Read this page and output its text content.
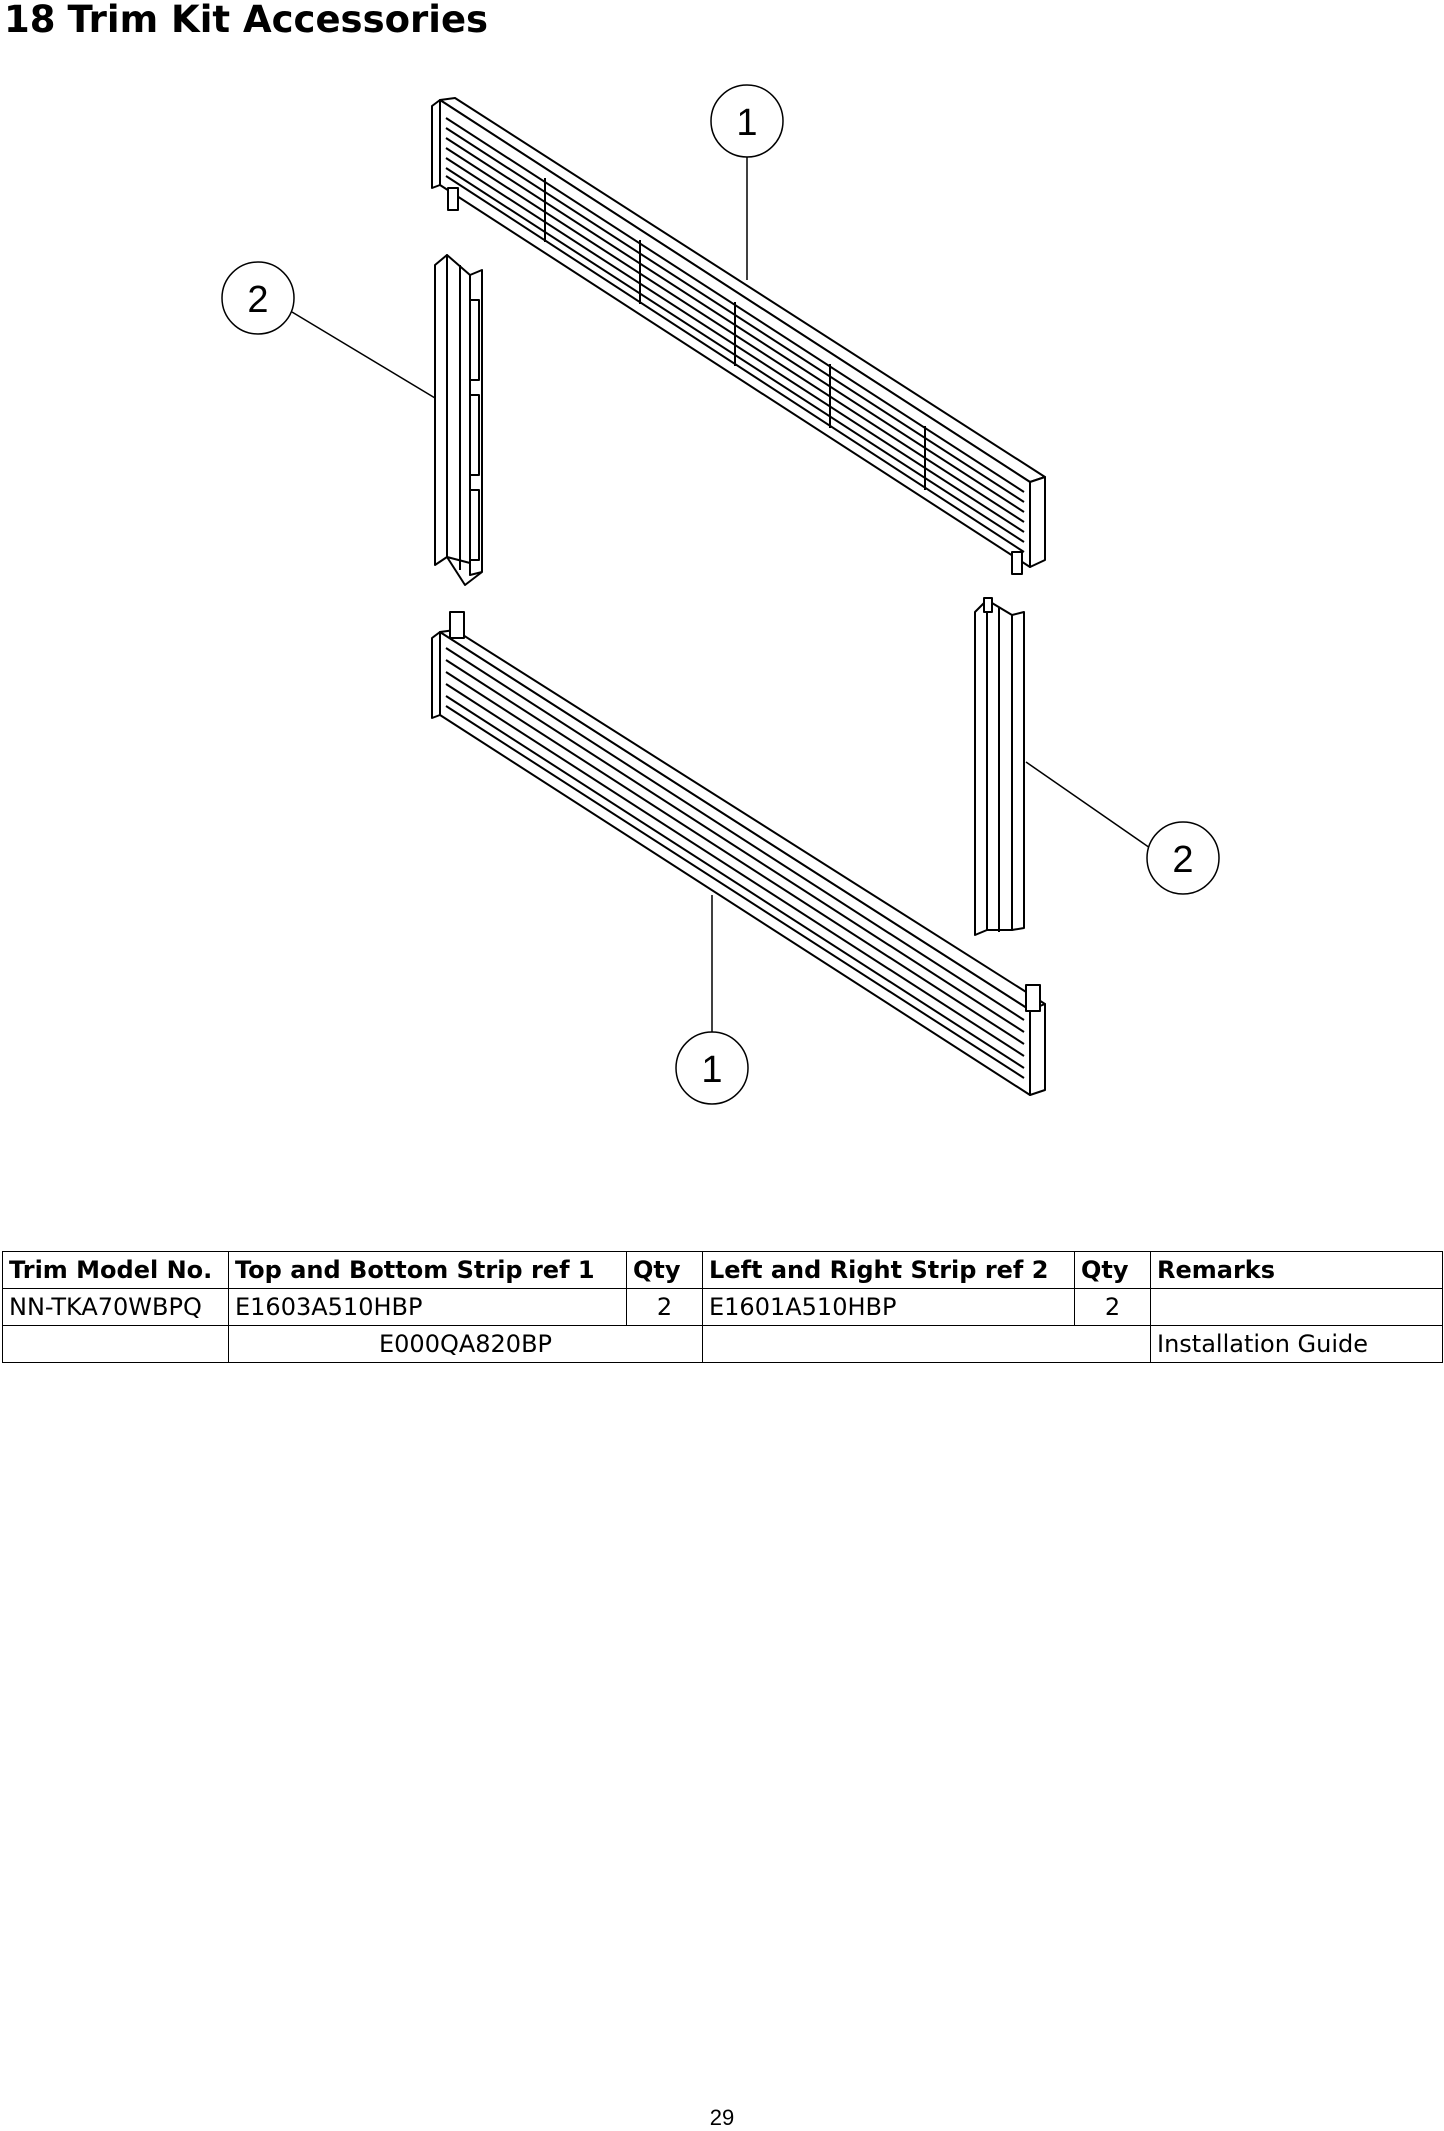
18 Trim Kit Accessories
1
2
2
1
Trim Model No.	Top and Bottom Strip ref 1	Qty	Left and Right Strip ref 2	Qty	Remarks
NN-TKA70WBPQ	E1603A510HBP	2	E1601A510HBP	2	
	E000QA820BP				Installation Guide
29
